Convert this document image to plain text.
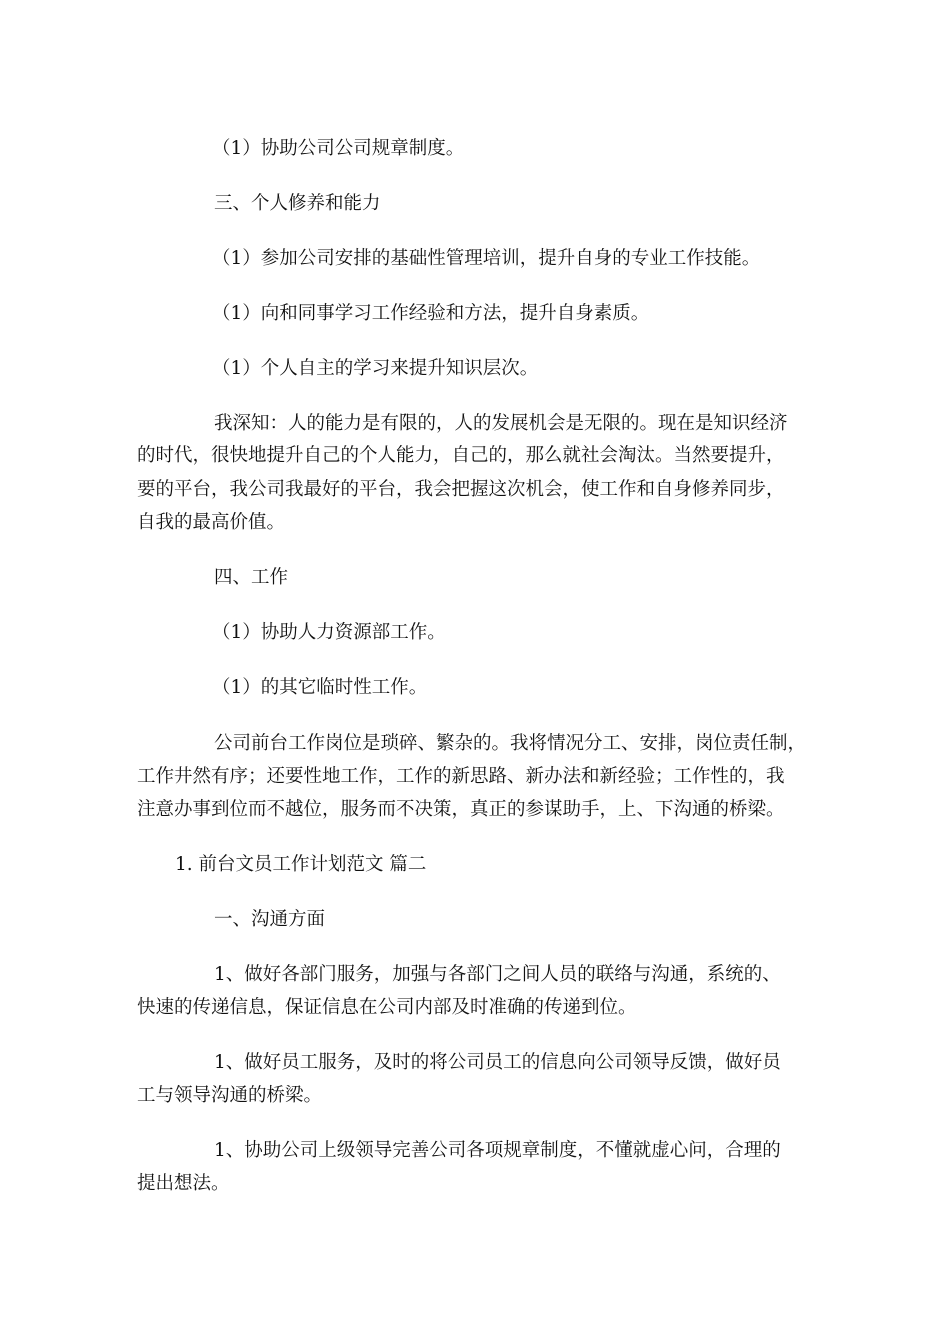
（1）协助公司公司规章制度。

三、个人修养和能力

（1）参加公司安排的基础性管理培训，提升自身的专业工作技能。

（1）向和同事学习工作经验和方法，提升自身素质。

（1）个人自主的学习来提升知识层次。

我深知：人的能力是有限的，人的发展机会是无限的。现在是知识经济

的时代，很快地提升自己的个人能力，自己的，那么就社会淘汰。当然要提升，

要的平台，我公司我最好的平台，我会把握这次机会，使工作和自身修养同步，

自我的最高价值。

四、工作

（1）协助人力资源部工作。

（1）的其它临时性工作。

公司前台工作岗位是琐碎、繁杂的。我将情况分工、安排，岗位责任制，

工作井然有序；还要性地工作，工作的新思路、新办法和新经验；工作性的，我

注意办事到位而不越位，服务而不决策，真正的参谋助手，上、下沟通的桥梁。

1. 前台文员工作计划范文 篇二

一、沟通方面

1、做好各部门服务，加强与各部门之间人员的联络与沟通，系统的、

快速的传递信息，保证信息在公司内部及时准确的传递到位。

1、做好员工服务，及时的将公司员工的信息向公司领导反馈，做好员

工与领导沟通的桥梁。

1、协助公司上级领导完善公司各项规章制度，不懂就虚心问，合理的

提出想法。
